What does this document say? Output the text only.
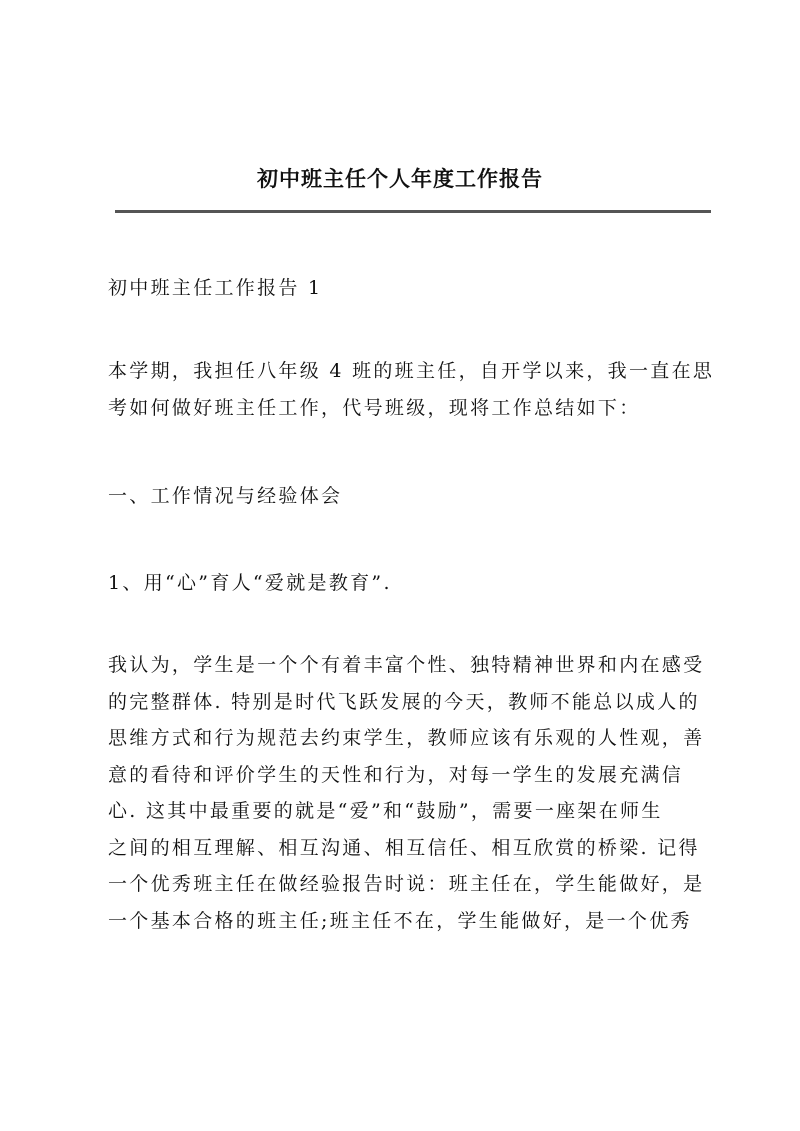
初中班主任个人年度工作报告
初中班主任工作报告 1
本学期，我担任八年级 4 班的班主任，自开学以来，我一直在思
考如何做好班主任工作，代号班级，现将工作总结如下：
一、工作情况与经验体会
1、用“心”育人“爱就是教育”.
我认为，学生是一个个有着丰富个性、独特精神世界和内在感受
的完整群体. 特别是时代飞跃发展的今天，教师不能总以成人的
思维方式和行为规范去约束学生，教师应该有乐观的人性观，善
意的看待和评价学生的天性和行为，对每一学生的发展充满信
心. 这其中最重要的就是“爱”和“鼓励”，需要一座架在师生
之间的相互理解、相互沟通、相互信任、相互欣赏的桥梁. 记得
一个优秀班主任在做经验报告时说：班主任在，学生能做好，是
一个基本合格的班主任;班主任不在，学生能做好，是一个优秀
